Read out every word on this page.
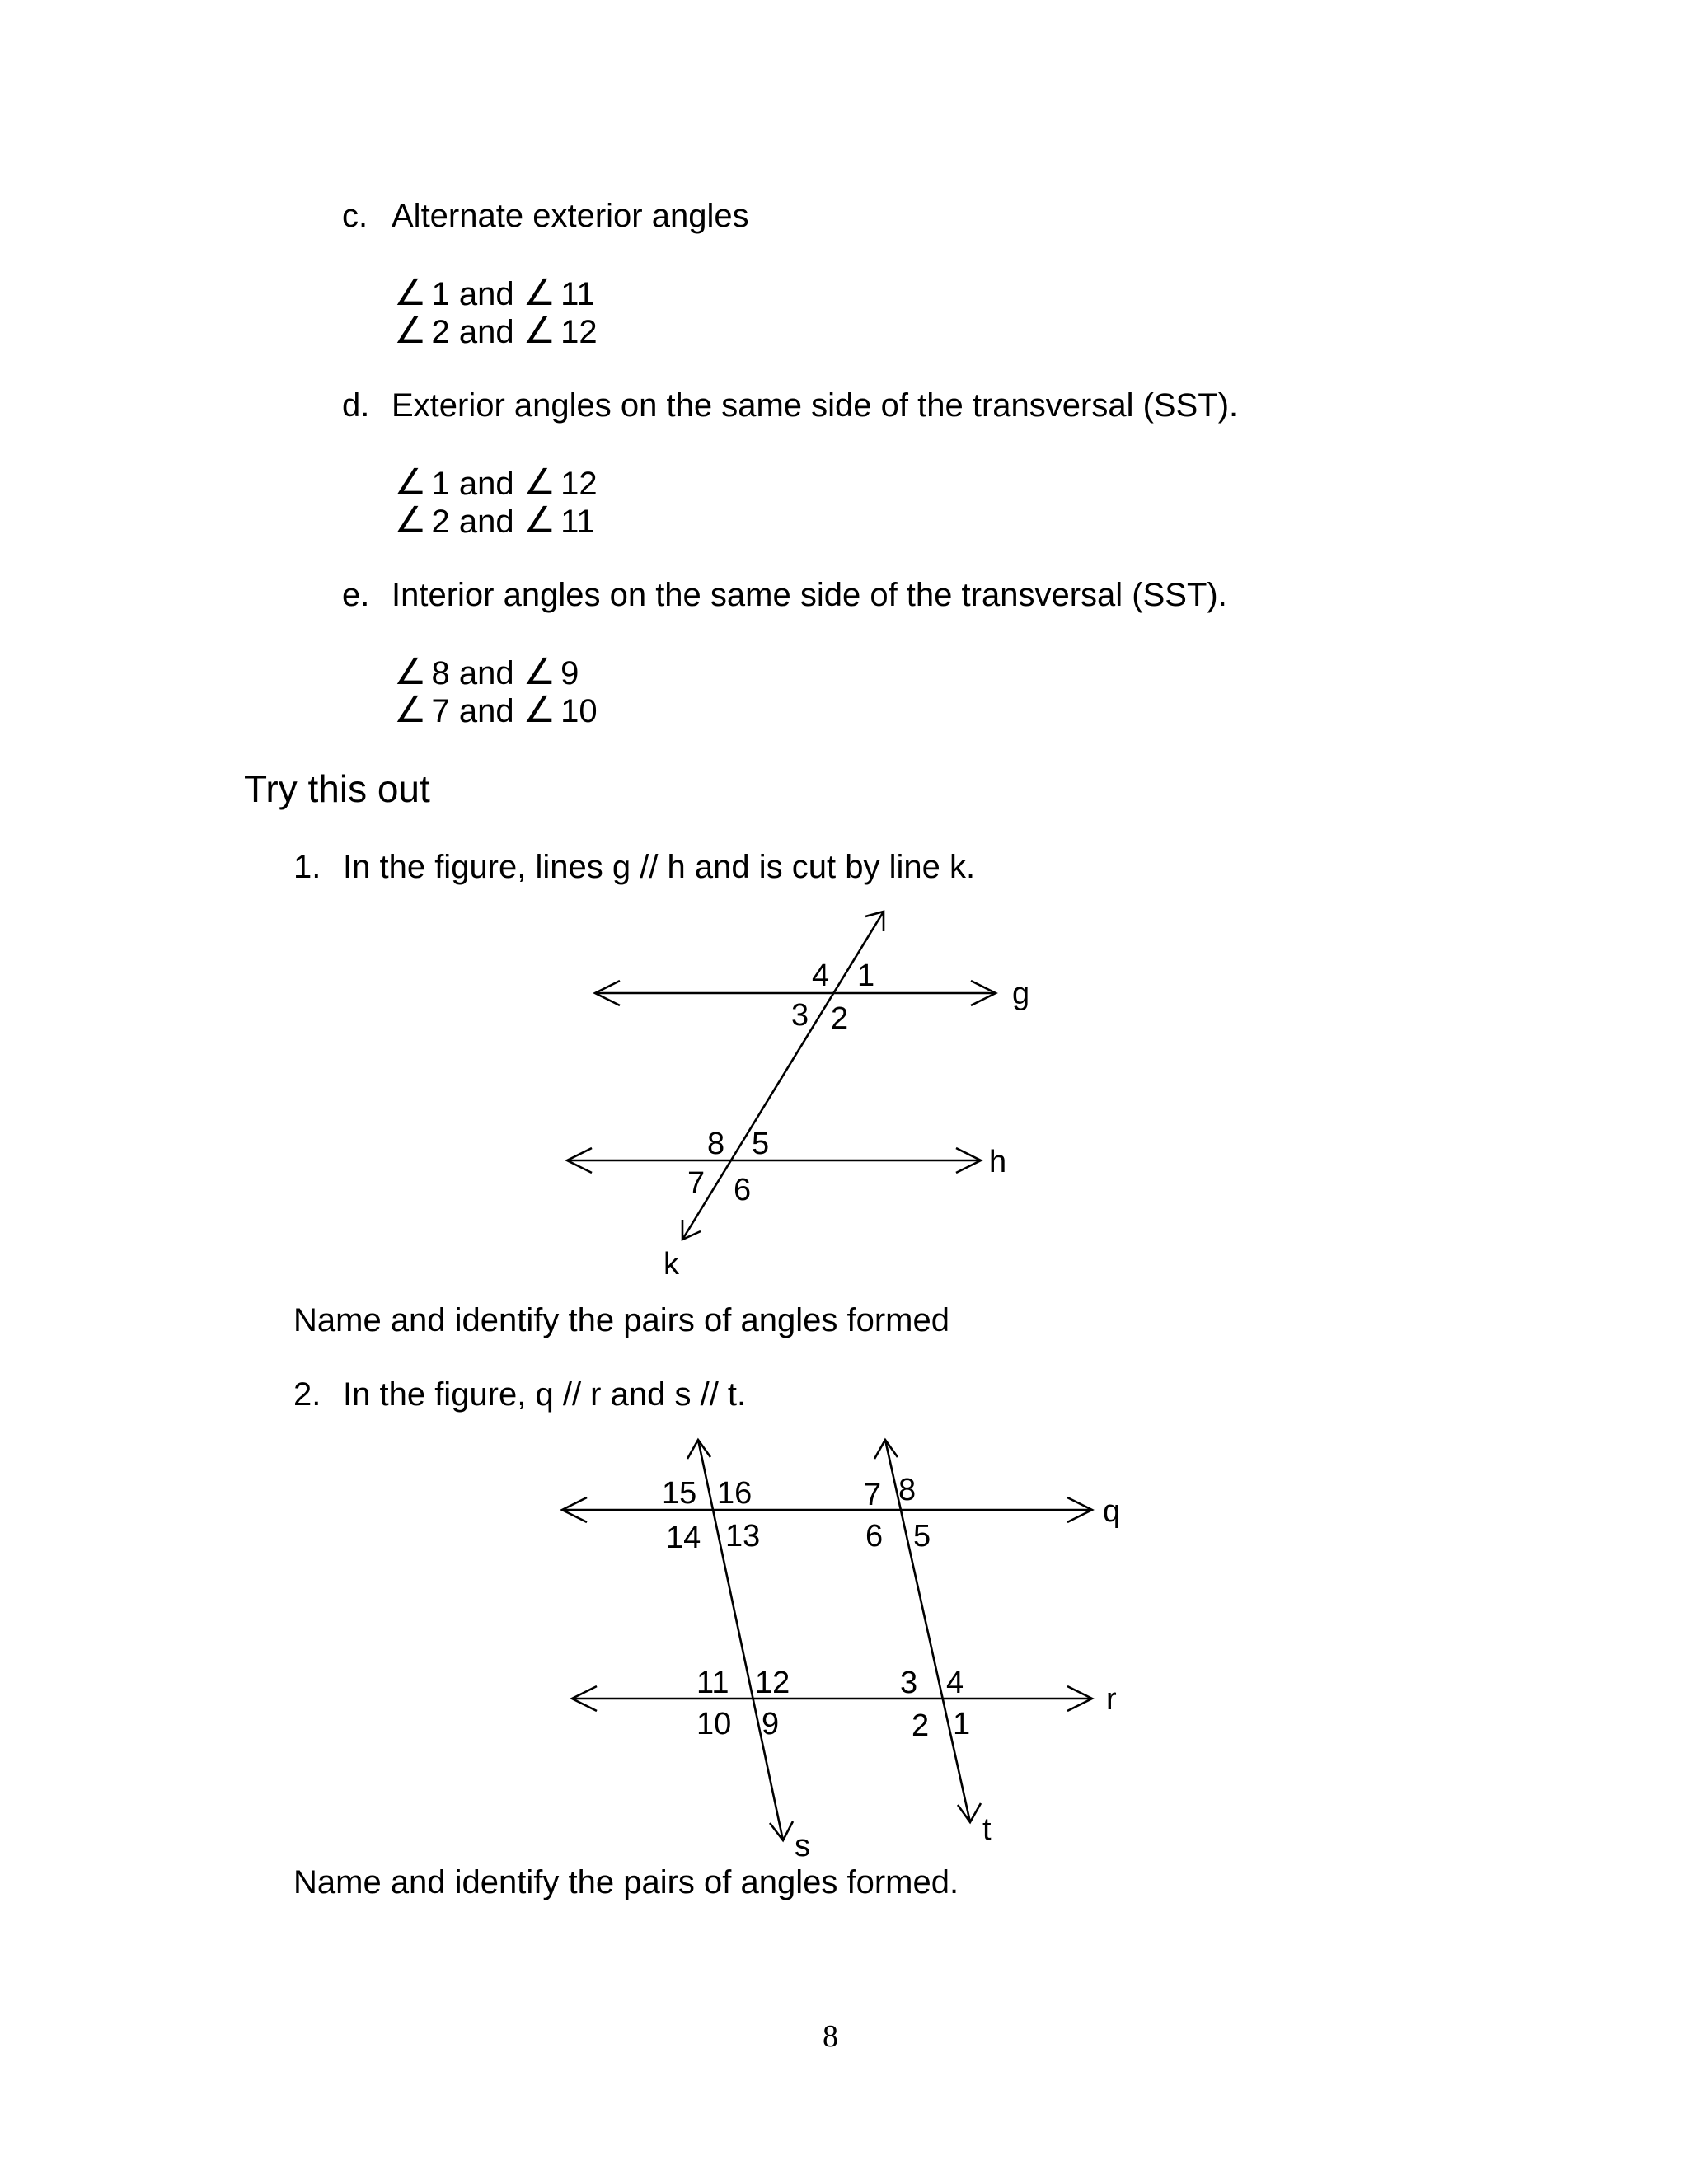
c. Alternate exterior angles
∠ 1 and ∠ 11
∠ 2 and ∠ 12
d. Exterior angles on the same side of the transversal (SST).
∠ 1 and ∠ 12
∠ 2 and ∠ 11
e. Interior angles on the same side of the transversal (SST).
∠ 8 and ∠ 9
∠ 7 and ∠ 10
Try this out
1. In the figure, lines g // h and is cut by line k.
g
h
k
4 1
3 2
8 5
7 6
Name and identify the pairs of angles formed
2. In the figure, q // r and s // t.
q
r
s	t
15 16
14 13
7 8
6 5
11 12
10 9
3 4
2 1
Name and identify the pairs of angles formed.
8
